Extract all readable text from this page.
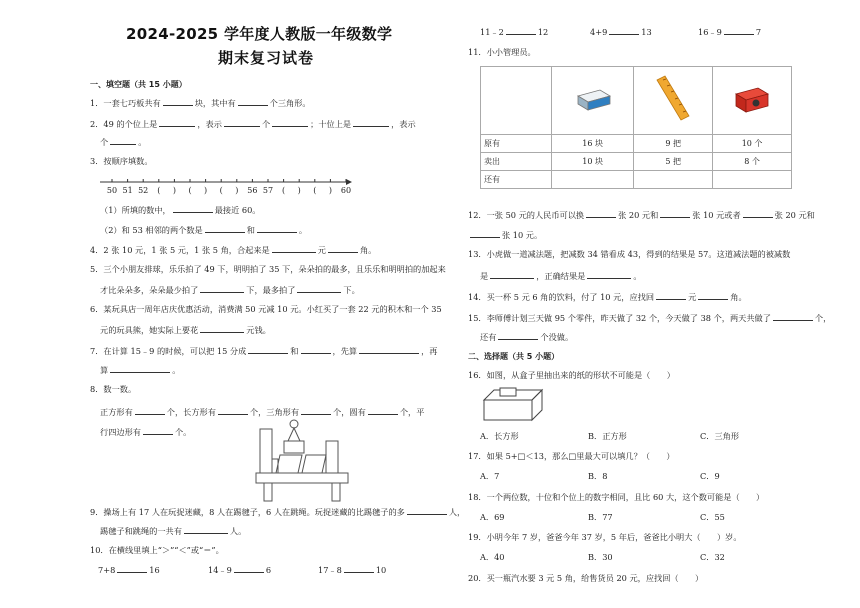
2024-2025 学年度人教版一年级数学
期末复习试卷
一、填空题（共 15 小题）
1．一套七巧板共有	块，其中有	个三角形。
2．49 的个位上是	，表示	个	；十位上是	，表示
个	。
3．按顺序填数。
50 51 52 ( ) ( ) ( ) 56 57 ( ) ( ) 60
（1）所填的数中，	最接近 60。
（2）和 53 相邻的两个数是	和	。
4．2 张 10 元，1 张 5 元，1 张 5 角，合起来是	元	角。
5．三个小朋友排球，乐乐拍了 49 下，明明拍了 35 下，朵朵拍的最多，且乐乐和明明拍的加起来
才比朵朵多，朵朵最少拍了	下，最多拍了	下。
6．某玩具店一周年店庆优惠活动，消费满 50 元减 10 元。小红买了一套 22 元的积木和一个 35
元的玩具熊，她实际上要花	元钱。
7．在计算 15﹣9 的时候，可以把 15 分成	和	，先算	，再
算	。
8．数一数。
正方形有	个，长方形有	个，三角形有	个，圆有	个，平
行四边形有	个。
9．操场上有 17 人在玩捉迷藏，8 人在踢毽子，6 人在跳绳。玩捉迷藏的比踢毽子的多	人，
踢毽子和跳绳的一共有	人。
10．在横线里填上“＞”“＜”或“＝”。
7+8	16	14﹣9	6	17﹣8	10
11﹣2	12	4+9	13	16﹣9	7
11．小小管理员。

原有	16 块	9 把	10 个
卖出	10 块	5 把	8 个
还有			
12．一张 50 元的人民币可以换	张 20 元和	张 10 元或者	张 20 元和
张 10 元。
13．小虎做一道减法题，把减数 34 错看成 43，得到的结果是 57。这道减法题的被减数
是	，正确结果是	。
14．买一杯 5 元 6 角的饮料，付了 10 元，应找回	元	角。
15．李师傅计划三天做 95 个零件，昨天做了 32 个，今天做了 38 个，两天共做了	个，
还有	个没做。
二、选择题（共 5 小题）
16．如图，从盒子里抽出来的纸的形状不可能是（　　）
A．长方形	B．正方形	C．三角形
17．如果 5+□＜13，那么□里最大可以填几？（　　）
A．7	B．8	C．9
18．一个两位数，十位和个位上的数字相同，且比 60 大，这个数可能是（　　）
A．69	B．77	C．55
19．小明今年 7 岁，爸爸今年 37 岁，5 年后，爸爸比小明大（　　）岁。
A．40	B．30	C．32
20．买一瓶汽水要 3 元 5 角，给售货员 20 元，应找回（　　）
